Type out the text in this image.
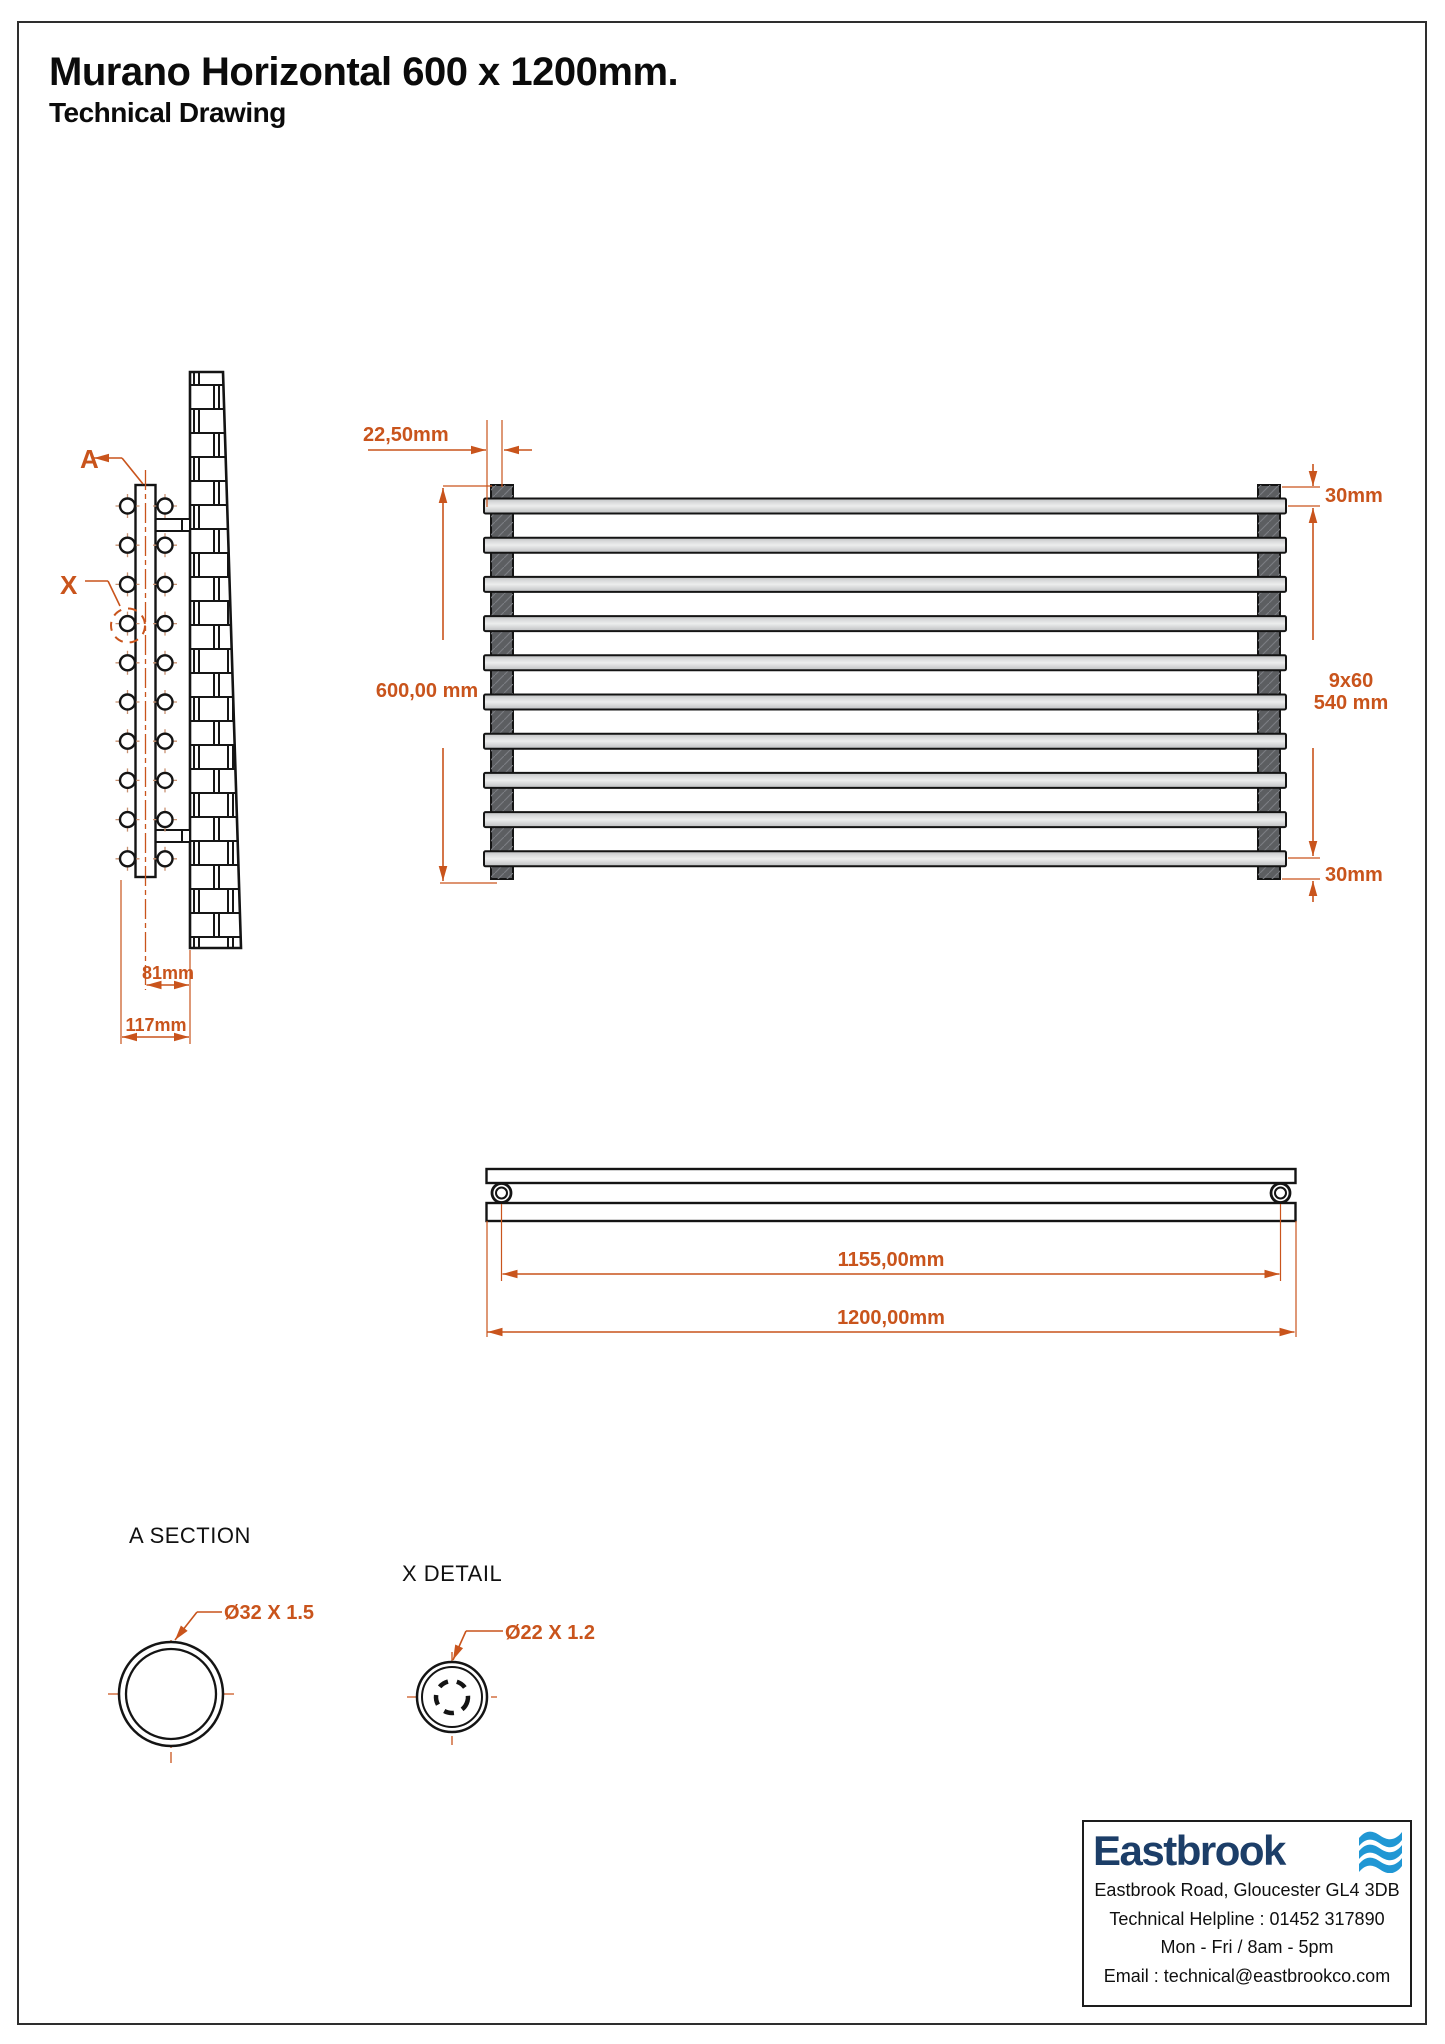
Murano Horizontal 600 x 1200mm.
Technical Drawing
A
X
22,50mm
600,00 mm
30mm
9x60
540 mm
30mm
81mm
117mm
1155,00mm
1200,00mm
A SECTION
X DETAIL
Ø32 X 1.5
Ø22 X 1.2
Eastbrook
Eastbrook Road, Gloucester GL4 3DB
Technical Helpline : 01452 317890
Mon - Fri / 8am - 5pm
Email : technical@eastbrookco.com
